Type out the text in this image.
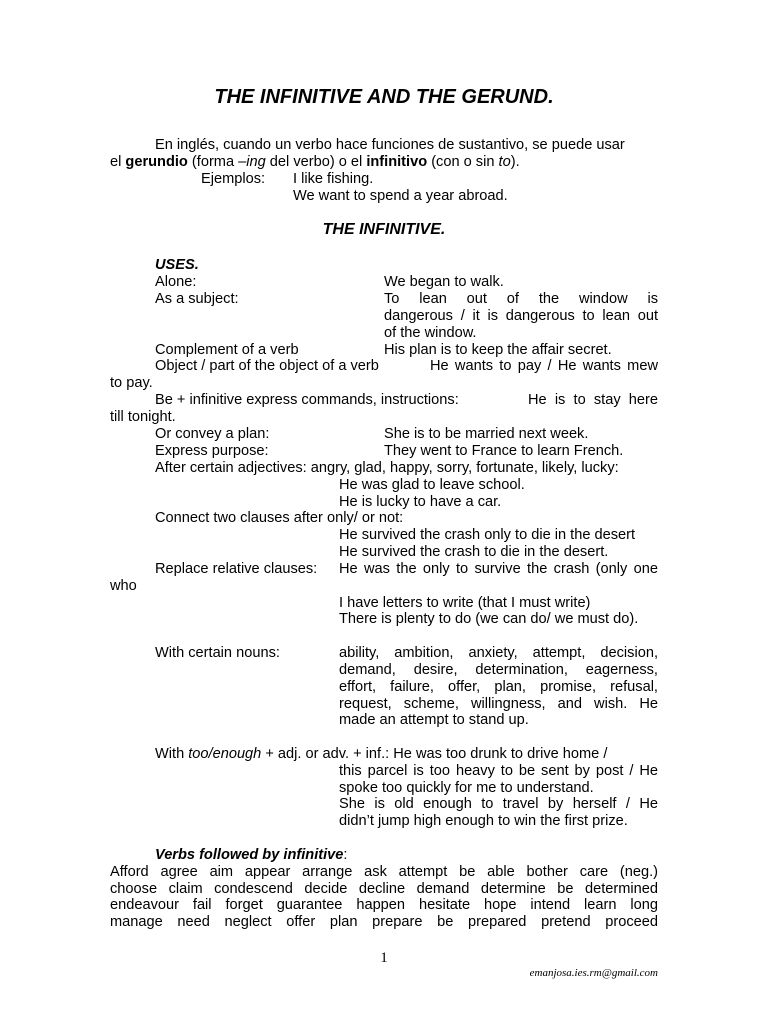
THE INFINITIVE AND THE GERUND.
En inglés, cuando un verbo hace funciones de sustantivo, se puede usar
el gerundio (forma –ing del verbo) o el infinitivo (con o sin to).
Ejemplos: I like fishing.
We want to spend a year abroad.
THE INFINITIVE.
USES.
Alone:	We began to walk.
As a subject:	To lean out of the window is
dangerous / it is dangerous to lean out
of the window.
Complement of a verb	His plan is to keep the affair secret.
Object / part of the object of a verb	He wants to pay / He wants mew
to pay.
Be + infinitive express commands, instructions:	He is to stay here
till tonight.
Or convey a plan:	She is to be married next week.
Express purpose:	They went to France to learn French.
After certain adjectives: angry, glad, happy, sorry, fortunate, likely, lucky:
He was glad to leave school.
He is lucky to have a car.
Connect two clauses after only/ or not:
He survived the crash only to die in the desert
He survived the crash to die in the desert.
Replace relative clauses: He was the only to survive the crash (only one
who
I have letters to write (that I must write)
There is plenty to do (we can do/ we must do).
With certain nouns:	ability, ambition, anxiety, attempt, decision,
demand, desire, determination, eagerness,
effort, failure, offer, plan, promise, refusal,
request, scheme, willingness, and wish. He
made an attempt to stand up.
With too/enough + adj. or adv. + inf.: He was too drunk to drive home /
this parcel is too heavy to be sent by post / He
spoke too quickly for me to understand.
She is old enough to travel by herself / He
didn’t jump high enough to win the first prize.
Verbs followed by infinitive:
Afford agree aim appear arrange ask attempt be able bother care (neg.)
choose claim condescend decide decline demand determine be determined
endeavour fail forget guarantee happen hesitate hope intend learn long
manage need neglect offer plan prepare be prepared pretend proceed
1
emanjosa.ies.rm@gmail.com
